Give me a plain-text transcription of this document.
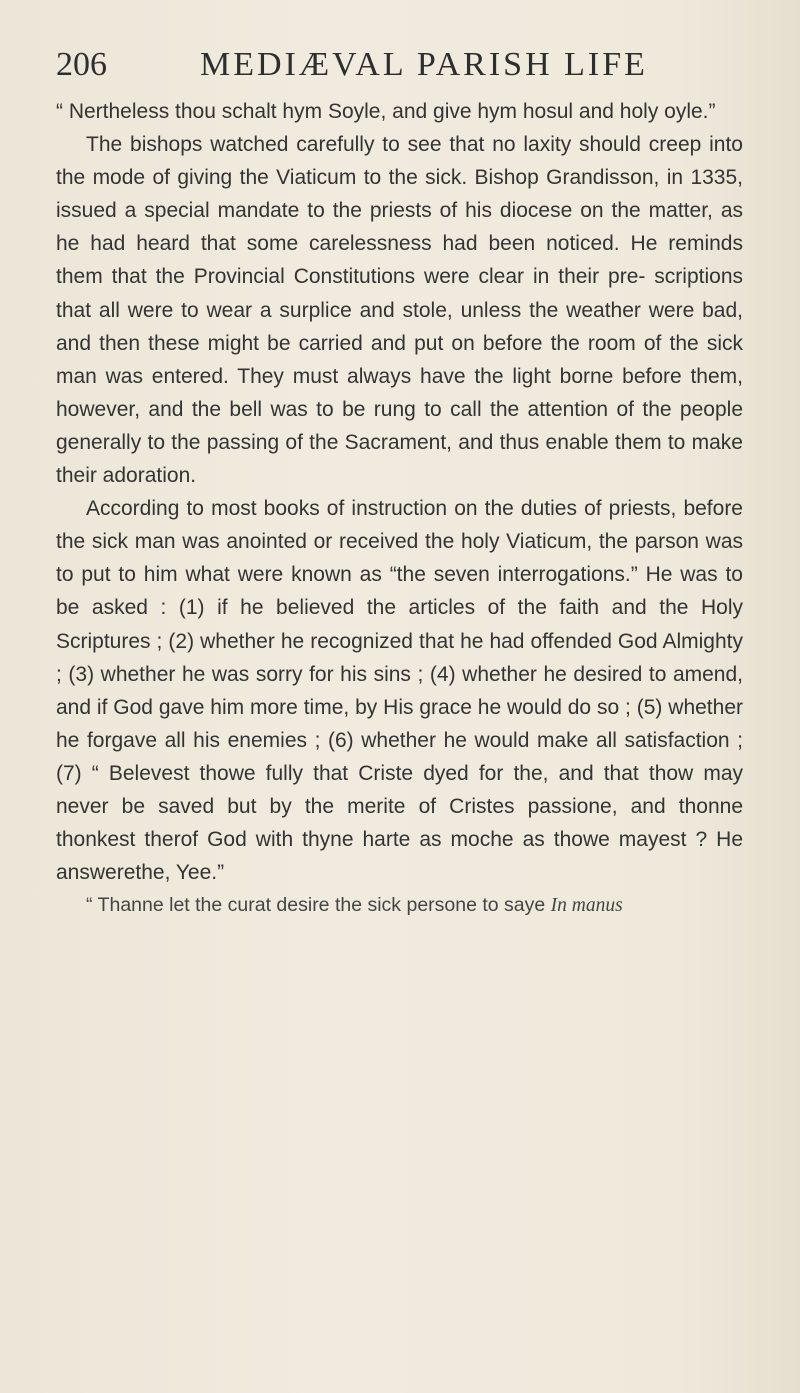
206	MEDIÆVAL PARISH LIFE

“ Nertheless thou schalt hym Soyle, and give hym hosul and holy oyle.”

The bishops watched carefully to see that no laxity should creep into the mode of giving the Viaticum to the sick. Bishop Grandisson, in 1335, issued a special mandate to the priests of his diocese on the matter, as he had heard that some carelessness had been noticed. He reminds them that the Provincial Constitutions were clear in their pre- scriptions that all were to wear a surplice and stole, unless the weather were bad, and then these might be carried and put on before the room of the sick man was entered. They must always have the light borne before them, however, and the bell was to be rung to call the attention of the people generally to the passing of the Sacrament, and thus enable them to make their adoration.

According to most books of instruction on the duties of priests, before the sick man was anointed or received the holy Viaticum, the parson was to put to him what were known as “the seven interrogations.” He was to be asked : (1) if he believed the articles of the faith and the Holy Scriptures ; (2) whether he recognized that he had offended God Almighty ; (3) whether he was sorry for his sins ; (4) whether he desired to amend, and if God gave him more time, by His grace he would do so ; (5) whether he forgave all his enemies ; (6) whether he would make all satisfaction ; (7) “ Belevest thowe fully that Criste dyed for the, and that thow may never be saved but by the merite of Cristes passione, and thonne thonkest therof God with thyne harte as moche as thowe mayest ? He answerethe, Yee.”

“ Thanne let the curat desire the sick persone to saye In manus
